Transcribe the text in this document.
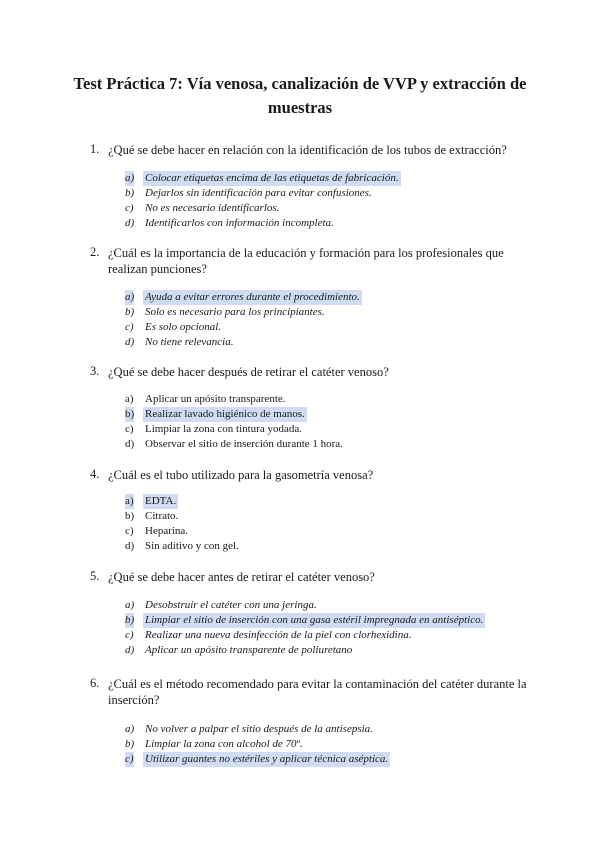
Test Práctica 7: Vía venosa, canalización de VVP y extracción de muestras
1. ¿Qué se debe hacer en relación con la identificación de los tubos de extracción?
a) Colocar etiquetas encima de las etiquetas de fabricación.
b) Dejarlos sin identificación para evitar confusiones.
c) No es necesario identificarlos.
d) Identificarlos con información incompleta.
2. ¿Cuál es la importancia de la educación y formación para los profesionales que realizan punciones?
a) Ayuda a evitar errores durante el procedimiento.
b) Solo es necesario para los principiantes.
c) Es solo opcional.
d) No tiene relevancia.
3. ¿Qué se debe hacer después de retirar el catéter venoso?
a) Aplicar un apósito transparente.
b) Realizar lavado higiénico de manos.
c) Limpiar la zona con tintura yodada.
d) Observar el sitio de inserción durante 1 hora.
4. ¿Cuál es el tubo utilizado para la gasometría venosa?
a) EDTA.
b) Citrato.
c) Heparina.
d) Sin aditivo y con gel.
5. ¿Qué se debe hacer antes de retirar el catéter venoso?
a) Desobstruir el catéter con una jeringa.
b) Limpiar el sitio de inserción con una gasa estéril impregnada en antiséptico.
c) Realizar una nueva desinfección de la piel con clorhexidina.
d) Aplicar un apósito transparente de poliuretano
6. ¿Cuál es el método recomendado para evitar la contaminación del catéter durante la inserción?
a) No volver a palpar el sitio después de la antisepsia.
b) Limpiar la zona con alcohol de 70º.
c) Utilizar guantes no estériles y aplicar técnica aséptica.
